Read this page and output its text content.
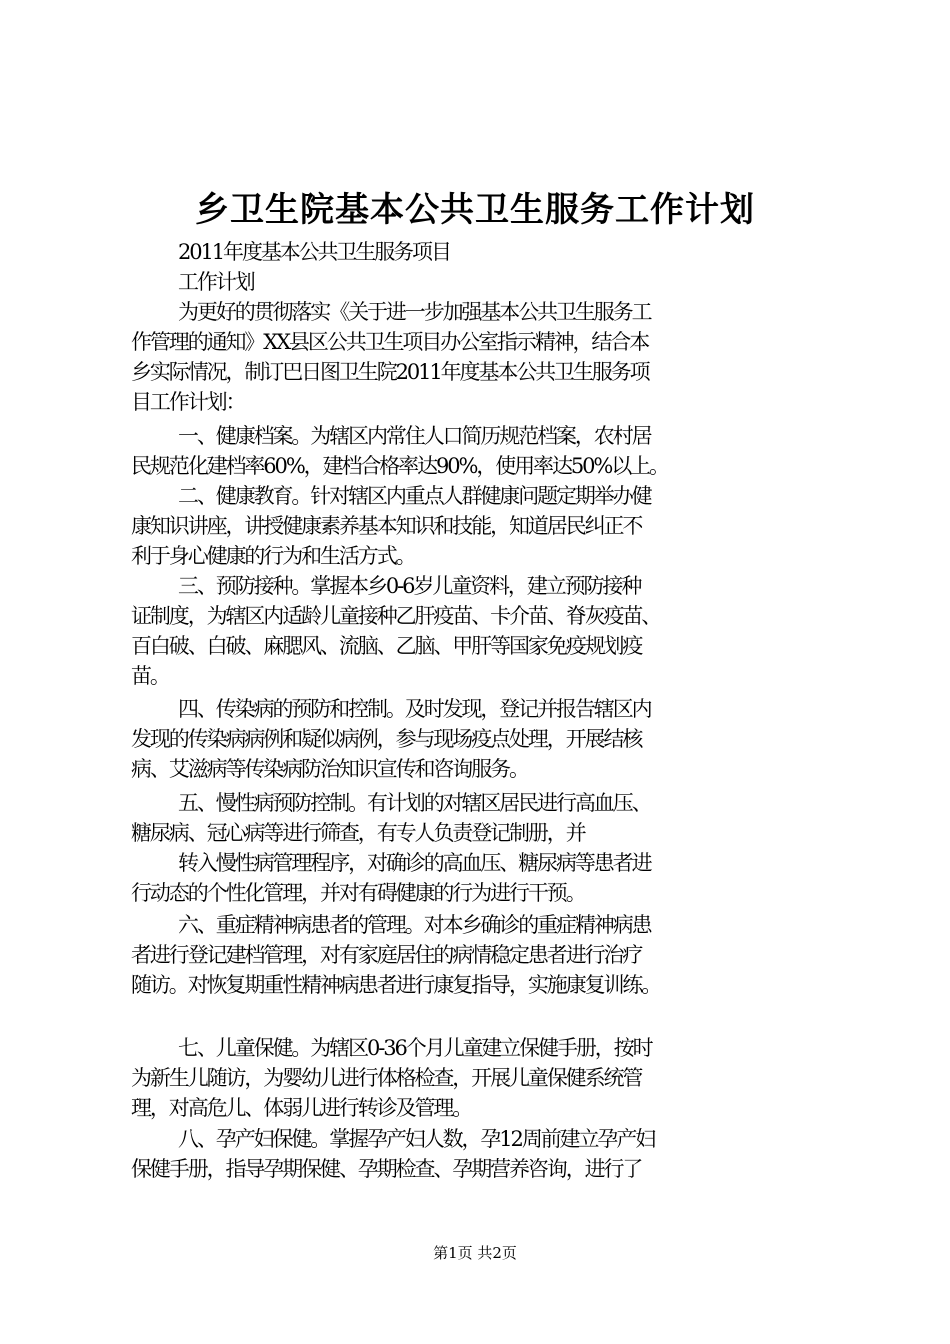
乡卫生院基本公共卫生服务工作计划
2011年度基本公共卫生服务项目
工作计划
为更好的贯彻落实《关于进一步加强基本公共卫生服务工
作管理的通知》XX县区公共卫生项目办公室指示精神，结合本
乡实际情况，制订巴日图卫生院2011年度基本公共卫生服务项
目工作计划：
一、健康档案。为辖区内常住人口简历规范档案，农村居
民规范化建档率60%，建档合格率达90%，使用率达50%以上。
二、健康教育。针对辖区内重点人群健康问题定期举办健
康知识讲座，讲授健康素养基本知识和技能，知道居民纠正不
利于身心健康的行为和生活方式。
三、预防接种。掌握本乡0-6岁儿童资料，建立预防接种
证制度，为辖区内适龄儿童接种乙肝疫苗、卡介苗、脊灰疫苗、
百白破、白破、麻腮风、流脑、乙脑、甲肝等国家免疫规划疫
苗。
四、传染病的预防和控制。及时发现，登记并报告辖区内
发现的传染病病例和疑似病例，参与现场疫点处理，开展结核
病、艾滋病等传染病防治知识宣传和咨询服务。
五、慢性病预防控制。有计划的对辖区居民进行高血压、
糖尿病、冠心病等进行筛查，有专人负责登记制册，并
转入慢性病管理程序，对确诊的高血压、糖尿病等患者进
行动态的个性化管理，并对有碍健康的行为进行干预。
六、重症精神病患者的管理。对本乡确诊的重症精神病患
者进行登记建档管理，对有家庭居住的病情稳定患者进行治疗
随访。对恢复期重性精神病患者进行康复指导，实施康复训练。
七、儿童保健。为辖区0-36个月儿童建立保健手册，按时
为新生儿随访，为婴幼儿进行体格检查，开展儿童保健系统管
理，对高危儿、体弱儿进行转诊及管理。
八、孕产妇保健。掌握孕产妇人数，孕12周前建立孕产妇
保健手册，指导孕期保健、孕期检查、孕期营养咨询，进行了
第1页 共2页
